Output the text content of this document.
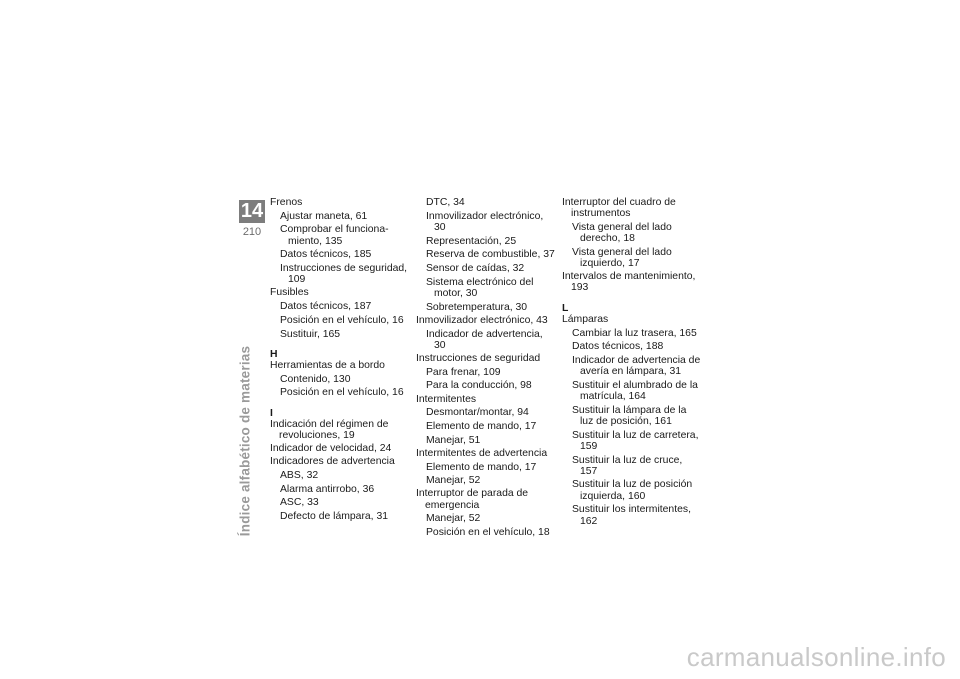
14
210
Índice alfabético de materias
Frenos
Ajustar maneta, 61
Comprobar el funciona-miento, 135
Datos técnicos, 185
Instrucciones de seguridad, 109
Fusibles
Datos técnicos, 187
Posición en el vehículo, 16
Sustituir, 165
H
Herramientas de a bordo
Contenido, 130
Posición en el vehículo, 16
I
Indicación del régimen de revoluciones, 19
Indicador de velocidad, 24
Indicadores de advertencia
ABS, 32
Alarma antirrobo, 36
ASC, 33
Defecto de lámpara, 31
DTC, 34
Inmovilizador electrónico, 30
Representación, 25
Reserva de combustible, 37
Sensor de caídas, 32
Sistema electrónico del motor, 30
Sobretemperatura, 30
Inmovilizador electrónico, 43
Indicador de advertencia, 30
Instrucciones de seguridad
Para frenar, 109
Para la conducción, 98
Intermitentes
Desmontar/montar, 94
Elemento de mando, 17
Manejar, 51
Intermitentes de advertencia
Elemento de mando, 17
Manejar, 52
Interruptor de parada de emergencia
Manejar, 52
Posición en el vehículo, 18
Interruptor del cuadro de instrumentos
Vista general del lado derecho, 18
Vista general del lado izquierdo, 17
Intervalos de mantenimiento, 193
L
Lámparas
Cambiar la luz trasera, 165
Datos técnicos, 188
Indicador de advertencia de avería en lámpara, 31
Sustituir el alumbrado de la matrícula, 164
Sustituir la lámpara de la luz de posición, 161
Sustituir la luz de carretera, 159
Sustituir la luz de cruce, 157
Sustituir la luz de posición izquierda, 160
Sustituir los intermitentes, 162
carmanualsonline.info
